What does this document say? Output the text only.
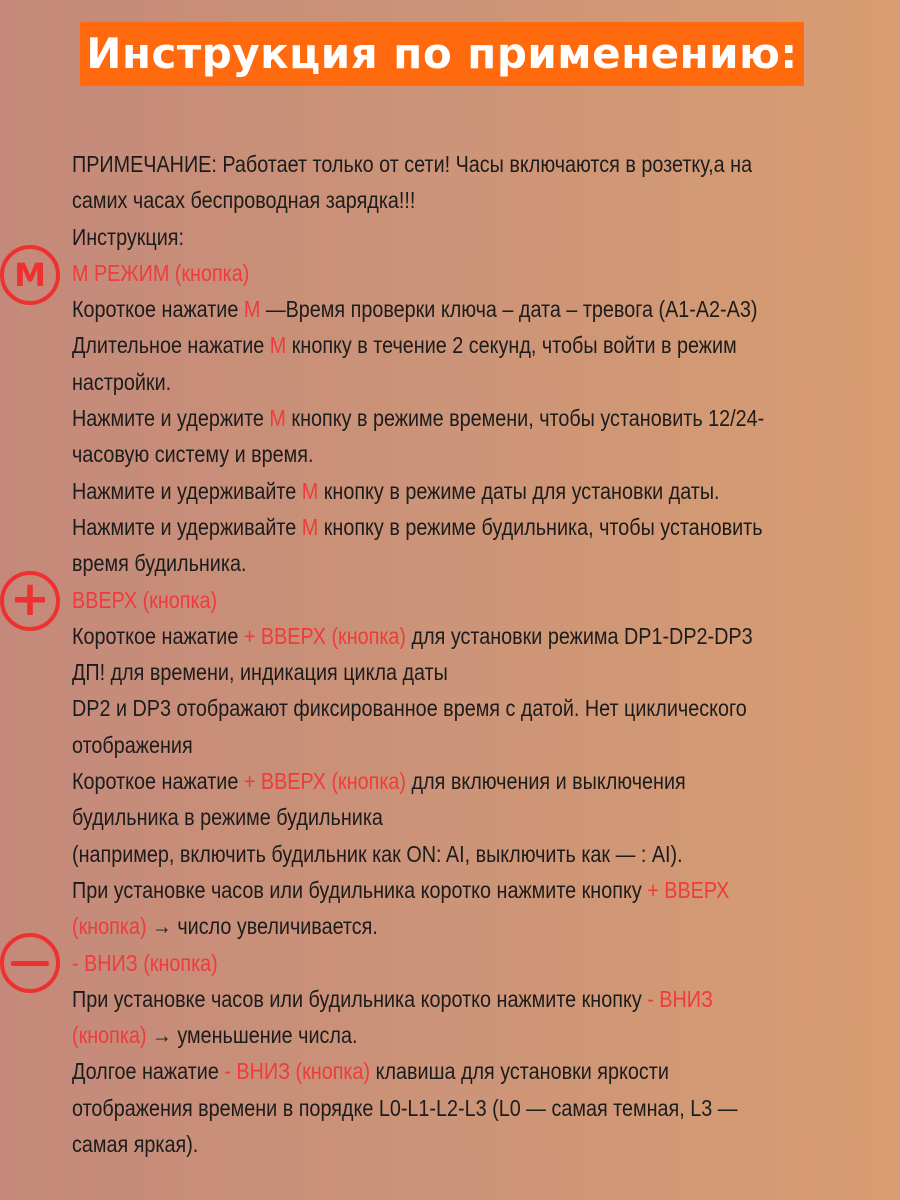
Инструкция по применению:
M
+
ПРИМЕЧАНИЕ: Работает только от сети! Часы включаются в розетку,а на
самих часах беспроводная зарядка!!!
Инструкция:
M РЕЖИМ (кнопка)
Короткое нажатие M —Время проверки ключа – дата – тревога (A1-A2-A3)
Длительное нажатие M кнопку в течение 2 секунд, чтобы войти в режим
настройки.
Нажмите и удержите M кнопку в режиме времени, чтобы установить 12/24-
часовую систему и время.
Нажмите и удерживайте M кнопку в режиме даты для установки даты.
Нажмите и удерживайте M кнопку в режиме будильника, чтобы установить
время будильника.
ВВЕРХ (кнопка)
Короткое нажатие + ВВЕРХ (кнопка) для установки режима DP1-DP2-DP3
ДП! для времени, индикация цикла даты
DP2 и DP3 отображают фиксированное время с датой. Нет циклического
отображения
Короткое нажатие + ВВЕРХ (кнопка) для включения и выключения
будильника в режиме будильника
(например, включить будильник как ON: AI, выключить как — : AI).
При установке часов или будильника коротко нажмите кнопку + ВВЕРХ
(кнопка) → число увеличивается.
- ВНИЗ (кнопка)
При установке часов или будильника коротко нажмите кнопку - ВНИЗ
(кнопка) → уменьшение числа.
Долгое нажатие - ВНИЗ (кнопка) клавиша для установки яркости
отображения времени в порядке L0-L1-L2-L3 (L0 — самая темная, L3 —
самая яркая).
